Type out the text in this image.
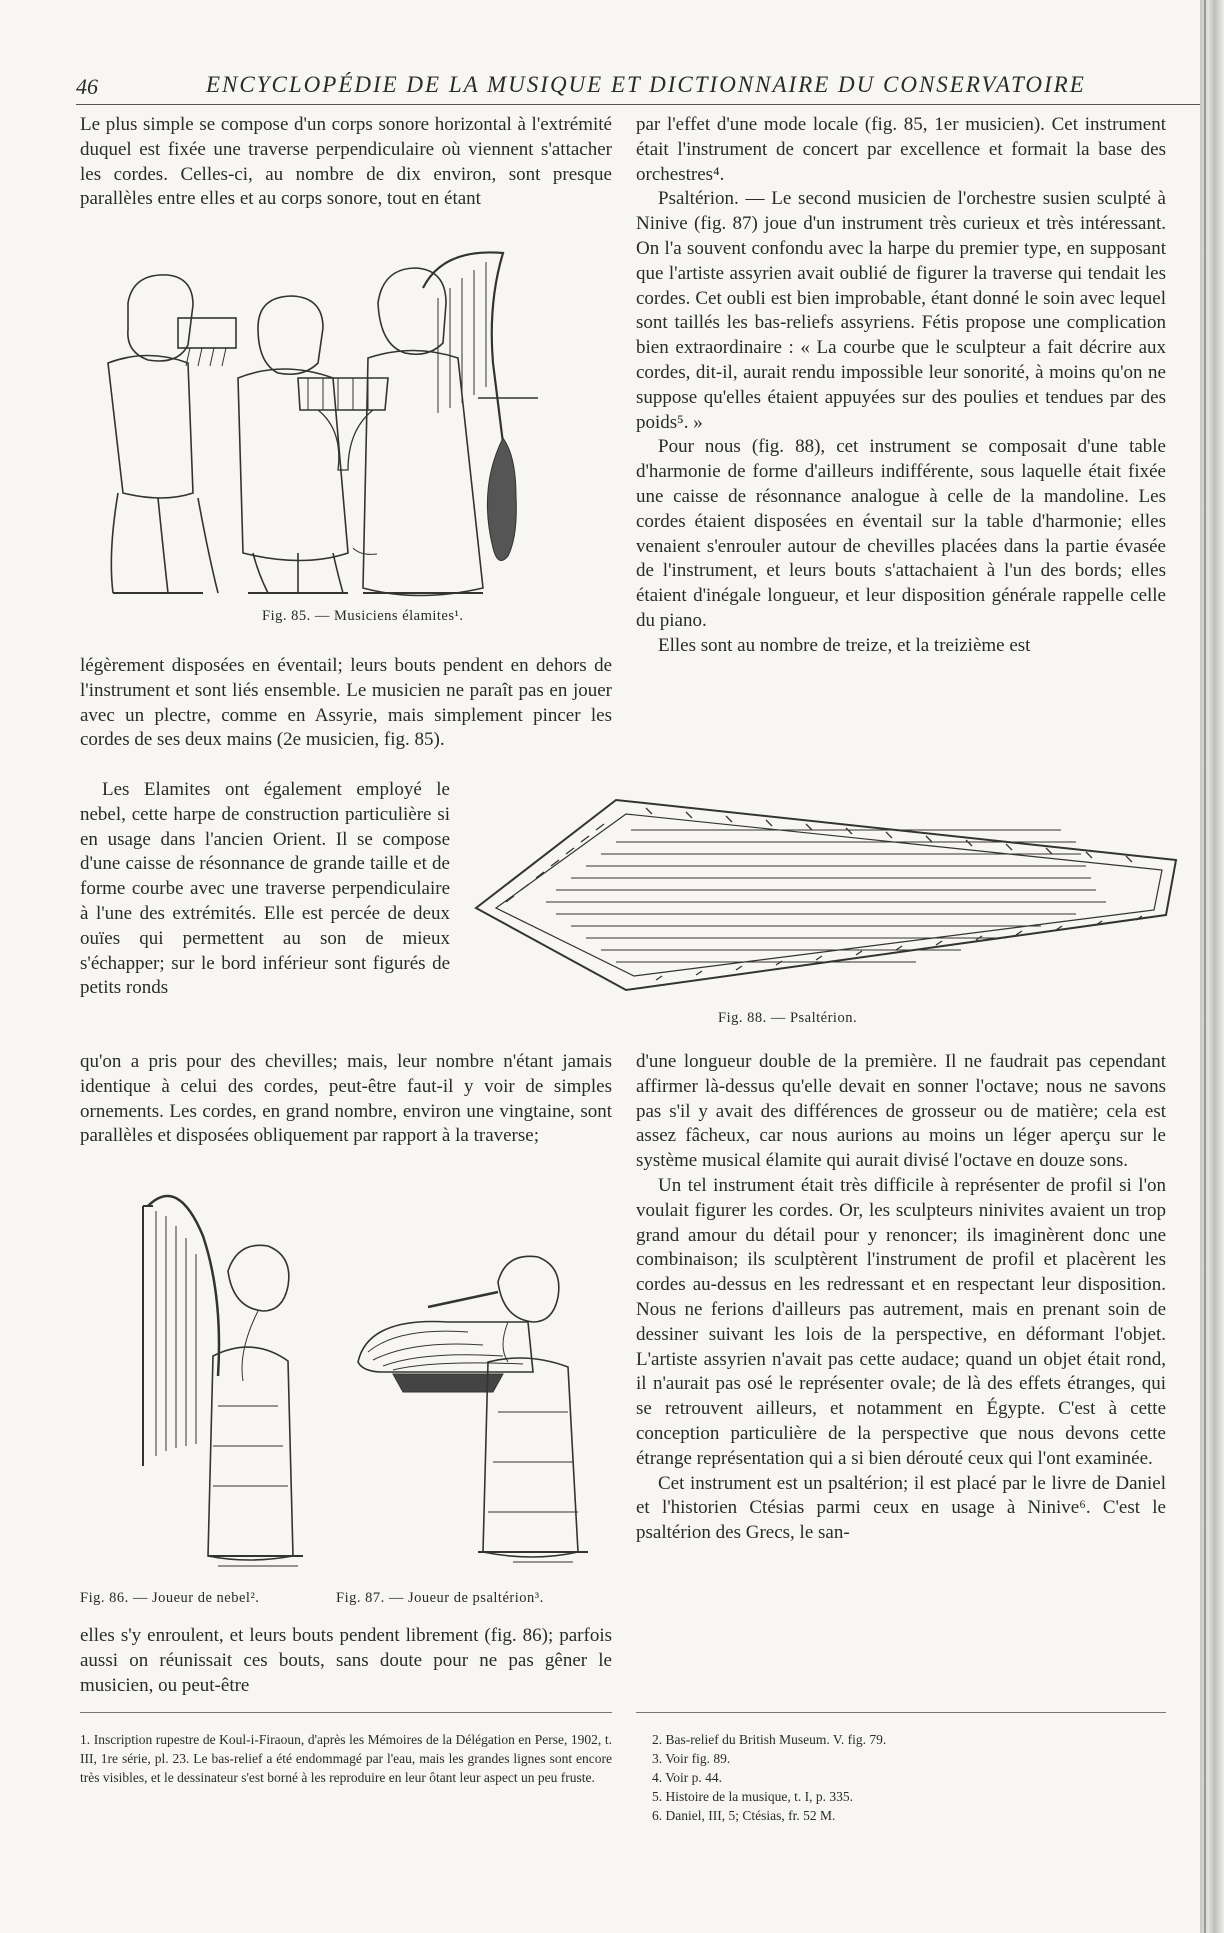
46	ENCYCLOPÉDIE DE LA MUSIQUE ET DICTIONNAIRE DU CONSERVATOIRE

Le plus simple se compose d'un corps sonore horizontal à l'extrémité duquel est fixée une traverse perpendiculaire où viennent s'attacher les cordes. Celles-ci, au nombre de dix environ, sont presque parallèles entre elles et au corps sonore, tout en étant

Fig. 85. — Musiciens élamites¹.

légèrement disposées en éventail; leurs bouts pendent en dehors de l'instrument et sont liés ensemble. Le musicien ne paraît pas en jouer avec un plectre, comme en Assyrie, mais simplement pincer les cordes de ses deux mains (2e musicien, fig. 85).

Les Elamites ont également employé le nebel, cette harpe de construction particulière si en usage dans l'ancien Orient. Il se compose d'une caisse de résonnance de grande taille et de forme courbe avec une traverse perpendiculaire à l'une des extrémités. Elle est percée de deux ouïes qui permettent au son de mieux s'échapper; sur le bord inférieur sont figurés de petits ronds

qu'on a pris pour des chevilles; mais, leur nombre n'étant jamais identique à celui des cordes, peut-être faut-il y voir de simples ornements. Les cordes, en grand nombre, environ une vingtaine, sont parallèles et disposées obliquement par rapport à la traverse;

Fig. 86. — Joueur de nebel².	Fig. 87. — Joueur de psaltérion³.

elles s'y enroulent, et leurs bouts pendent librement (fig. 86); parfois aussi on réunissait ces bouts, sans doute pour ne pas gêner le musicien, ou peut-être

par l'effet d'une mode locale (fig. 85, 1er musicien). Cet instrument était l'instrument de concert par excellence et formait la base des orchestres⁴.

Psaltérion. — Le second musicien de l'orchestre susien sculpté à Ninive (fig. 87) joue d'un instrument très curieux et très intéressant. On l'a souvent confondu avec la harpe du premier type, en supposant que l'artiste assyrien avait oublié de figurer la traverse qui tendait les cordes. Cet oubli est bien improbable, étant donné le soin avec lequel sont taillés les bas-reliefs assyriens. Fétis propose une complication bien extraordinaire : « La courbe que le sculpteur a fait décrire aux cordes, dit-il, aurait rendu impossible leur sonorité, à moins qu'on ne suppose qu'elles étaient appuyées sur des poulies et tendues par des poids⁵. »

Pour nous (fig. 88), cet instrument se composait d'une table d'harmonie de forme d'ailleurs indifférente, sous laquelle était fixée une caisse de résonnance analogue à celle de la mandoline. Les cordes étaient disposées en éventail sur la table d'harmonie; elles venaient s'enrouler autour de chevilles placées dans la partie évasée de l'instrument, et leurs bouts s'attachaient à l'un des bords; elles étaient d'inégale longueur, et leur disposition générale rappelle celle du piano.

Elles sont au nombre de treize, et la treizième est

Fig. 88. — Psaltérion.

d'une longueur double de la première. Il ne faudrait pas cependant affirmer là-dessus qu'elle devait en sonner l'octave; nous ne savons pas s'il y avait des différences de grosseur ou de matière; cela est assez fâcheux, car nous aurions au moins un léger aperçu sur le système musical élamite qui aurait divisé l'octave en douze sons.

Un tel instrument était très difficile à représenter de profil si l'on voulait figurer les cordes. Or, les sculpteurs ninivites avaient un trop grand amour du détail pour y renoncer; ils imaginèrent donc une combinaison; ils sculptèrent l'instrument de profil et placèrent les cordes au-dessus en les redressant et en respectant leur disposition. Nous ne ferions d'ailleurs pas autrement, mais en prenant soin de dessiner suivant les lois de la perspective, en déformant l'objet. L'artiste assyrien n'avait pas cette audace; quand un objet était rond, il n'aurait pas osé le représenter ovale; de là des effets étranges, qui se retrouvent ailleurs, et notamment en Égypte. C'est à cette conception particulière de la perspective que nous devons cette étrange représentation qui a si bien dérouté ceux qui l'ont examinée.

Cet instrument est un psaltérion; il est placé par le livre de Daniel et l'historien Ctésias parmi ceux en usage à Ninive⁶. C'est le psaltérion des Grecs, le san-

1. Inscription rupestre de Koul-i-Firaoun, d'après les Mémoires de la Délégation en Perse, 1902, t. III, 1re série, pl. 23. Le bas-relief a été endommagé par l'eau, mais les grandes lignes sont encore très visibles, et le dessinateur s'est borné à les reproduire en leur ôtant leur aspect un peu fruste.

2. Bas-relief du British Museum. V. fig. 79.

3. Voir fig. 89.

4. Voir p. 44.

5. Histoire de la musique, t. I, p. 335.

6. Daniel, III, 5; Ctésias, fr. 52 M.
